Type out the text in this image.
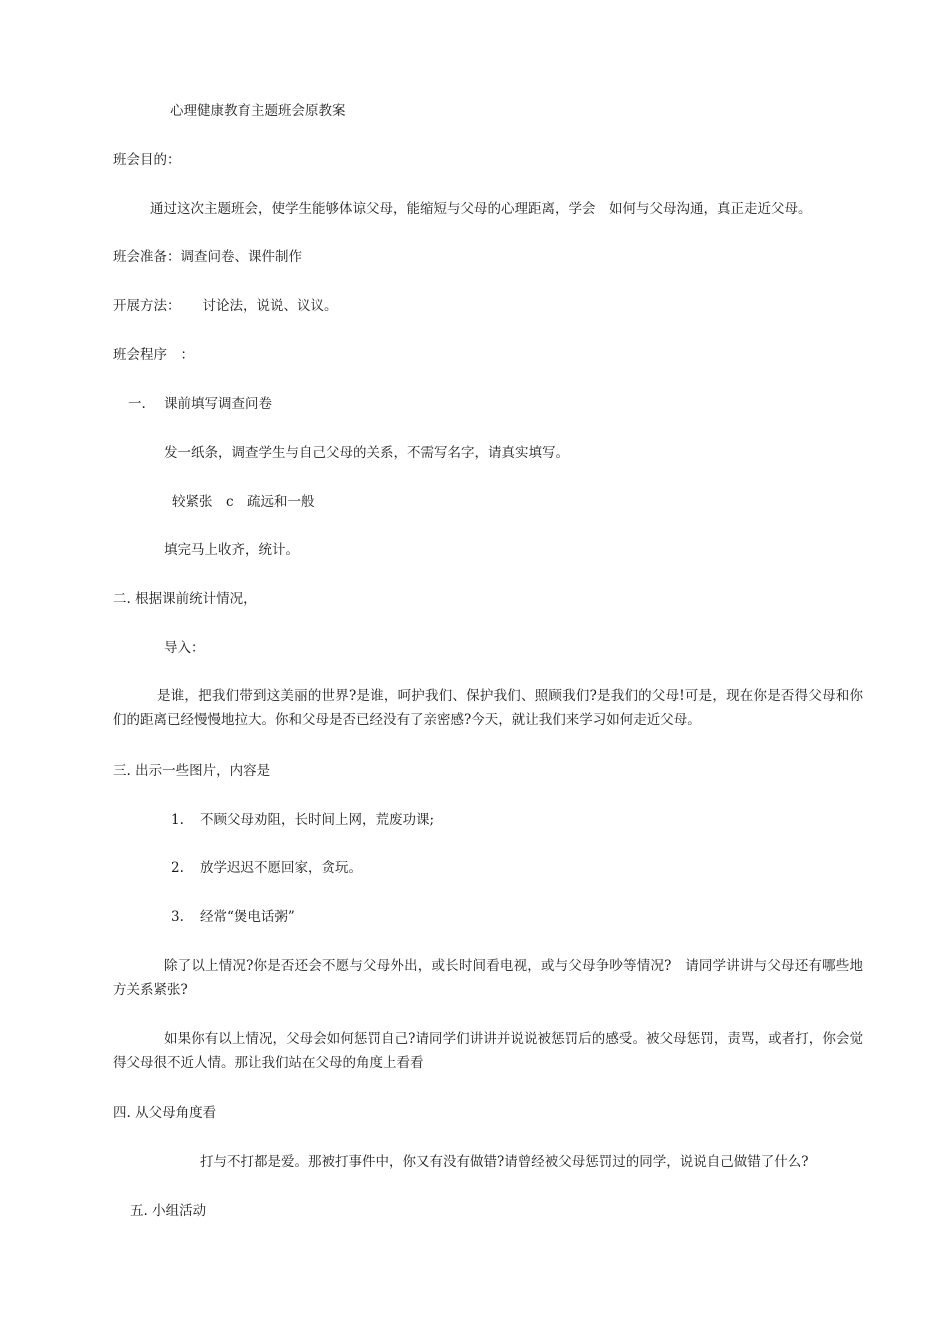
心理健康教育主题班会原教案
班会目的：
通过这次主题班会，使学生能够体谅父母，能缩短与父母的心理距离，学会　如何与父母沟通，真正走近父母。
班会准备：调查问卷、课件制作
开展方法： 讨论法，说说、议议。
班会程序　：
一. 课前填写调查问卷
发一纸条，调查学生与自己父母的关系，不需写名字，请真实填写。
较紧张　c　疏远和一般
填完马上收齐，统计。
二. 根据课前统计情况，
导入：
是谁，把我们带到这美丽的世界?是谁，呵护我们、保护我们、照顾我们?是我们的父母!可是，现在你是否得父母和你们的距离已经慢慢地拉大。你和父母是否已经没有了亲密感?今天，就让我们来学习如何走近父母。
三. 出示一些图片，内容是
1. 不顾父母劝阻，长时间上网，荒废功课;
2. 放学迟迟不愿回家，贪玩。
3. 经常“煲电话粥”
除了以上情况?你是否还会不愿与父母外出，或长时间看电视，或与父母争吵等情况?　请同学讲讲与父母还有哪些地方关系紧张?
如果你有以上情况，父母会如何惩罚自己?请同学们讲讲并说说被惩罚后的感受。被父母惩罚，责骂，或者打，你会觉得父母很不近人情。那让我们站在父母的角度上看看
四. 从父母角度看
打与不打都是爱。那被打事件中，你又有没有做错?请曾经被父母惩罚过的同学，说说自己做错了什么?
五. 小组活动
